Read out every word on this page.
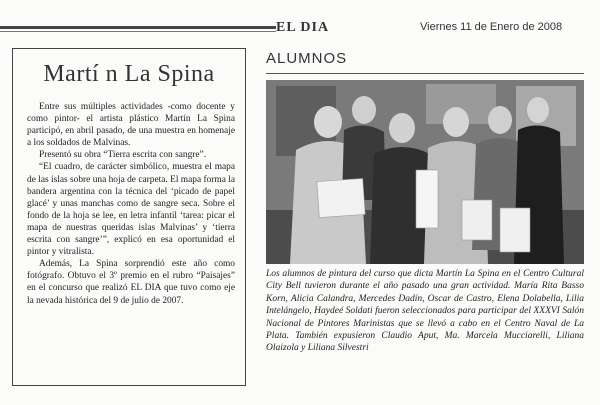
EL DIA	Viernes 11 de Enero de 2008
Martí n La Spina

Entre sus múltiples actividades -como docente y como pintor- el artista plástico Martín La Spina participó, en abril pasado, de una muestra en homenaje a los soldados de Malvinas.

Presentó su obra “Tierra escrita con sangre”.

“El cuadro, de carácter simbólico, muestra el mapa de las islas sobre una hoja de carpeta. El mapa forma la bandera argentina con la técnica del ‘picado de papel glacé’ y unas manchas como de sangre seca. Sobre el fondo de la hoja se lee, en letra infantil ‘tarea: picar el mapa de nuestras queridas islas Malvinas’ y ‘tierra escrita con sangre’”, explicó en esa oportunidad el pintor y vitralista.

Además, La Spina sorprendió este año como fotógrafo. Obtuvo el 3º premio en el rubro “Paisajes” en el concurso que realizó EL DIA que tuvo como eje la nevada histórica del 9 de julio de 2007.

ALUMNOS
Los alumnos de pintura del curso que dicta Martín La Spina en el Centro Cultural City Bell tuvieron durante el año pasado una gran actividad. María Rita Basso Korn, Alicia Calandra, Mercedes Dadín, Oscar de Castro, Elena Dolabella, Lilia Intelángelo, Haydeé Soldati fueron seleccionados para participar del XXXVI Salón Nacional de Pintores Marinistas que se llevó a cabo en el Centro Naval de La Plata. También expusieron Claudio Aput, Ma. Marcela Mucciarelli, Liliana Olaizola y Liliana Silvestri
